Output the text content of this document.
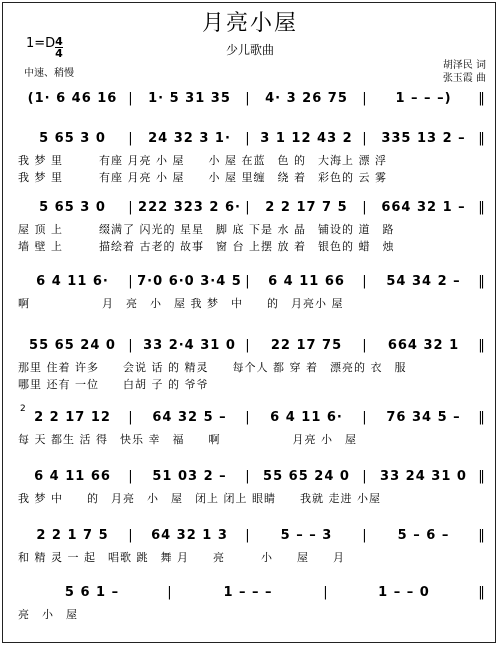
月亮小屋
少儿歌曲
1=D 4
4
中速、稍慢
胡泽民 词
张玉霞 曲
2
(1· 6 46 16 |	1· 5 31 35	|	4· 3 26 75	|	1 – – –)	‖
5 65 3 0	|	24 32 3 1·	| 3 1 12 43 2 |	335 13 2 – ‖
我 梦 里　　　有座 月亮 小 屋　　小 屋 在蓝　色 的　大海上 漂 浮
我 梦 里　　　有座 月亮 小 屋　　小 屋 里缠　绕 着　彩色的 云 雾
5 65 3 0	| 222 323 2 6· |	2 2 17 7 5	|	664 32 1 – ‖
屋 顶 上　　　缀满了 闪光的 星星　脚 底 下是 水 晶　铺设的 道　路
墙 壁 上　　　描绘着 古老的 故事　窗 台 上摆 放 着　银色的 蜡　烛
6 4 11 6·	| 7·0 6·0 3·4 5 |	6 4 11 66	|	54 34 2 –	‖
啊　　　　　　月　亮　小　屋 我 梦　中　　的　月亮小 屋
55 65 24 0 | 33 2·4 31 0 |	22 17 75	|	664 32 1	‖
那里 住着 许多　　会说 话 的 精灵　　每个人 都 穿 着　漂亮的 衣　服
哪里 还有 一位　　白胡 子 的 爷爷
2 2 17 12	|	64 32 5 –	|	6 4 11 6·	|	76 34 5 –	‖
每 天 都生 活 得　快乐 幸　福　　啊　　　　　　月亮 小　屋
6 4 11 66	|	51 03 2 –	| 55 65 24 0 | 33 24 31 0 ‖
我 梦 中　　的　月亮　小　屋　闭上 闭上 眼睛　　我就 走进 小屋
2 2 1 7 5	|	64 32 1 3	|	5 – – 3	|	5 – 6 –	‖
和 精 灵 一 起　唱歌 跳　舞 月　　亮　　　小　　屋　　月
5 6 1 –	|	1 – – –	|	1 – – 0	‖
亮　小　屋
